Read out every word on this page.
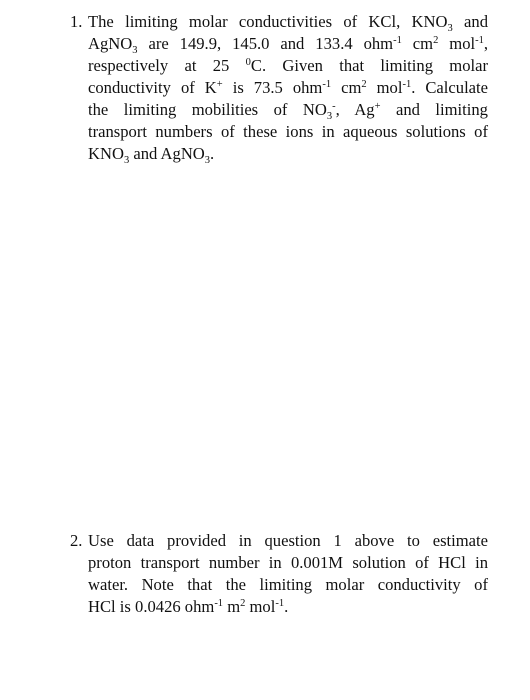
1. The limiting molar conductivities of KCl, $KNO_3$ and
AgNO$_3$ are 149.9, 145.0 and 133.4 ohm$^{-1}$ $cm^2$ mol$^{-1}$,
respectively at 25 $^0$C. Given that limiting molar
conductivity of K+ is 73.5 ohm$^{-1}$ $cm^2$ mol$^{-1}$. Calculate
the limiting mobilities of $NO_3^-$, Ag+ and limiting
transport numbers of these ions in aqueous solutions of
$KNO_3$ and AgNO$_3$.
2. Use data provided in question 1 above to estimate
proton transport number in 0.001M solution of HCl in
water. Note that the limiting molar conductivity of
HCl is 0.0426 ohm$^{-1}$ $m^2$ mol$^{-1}$.
